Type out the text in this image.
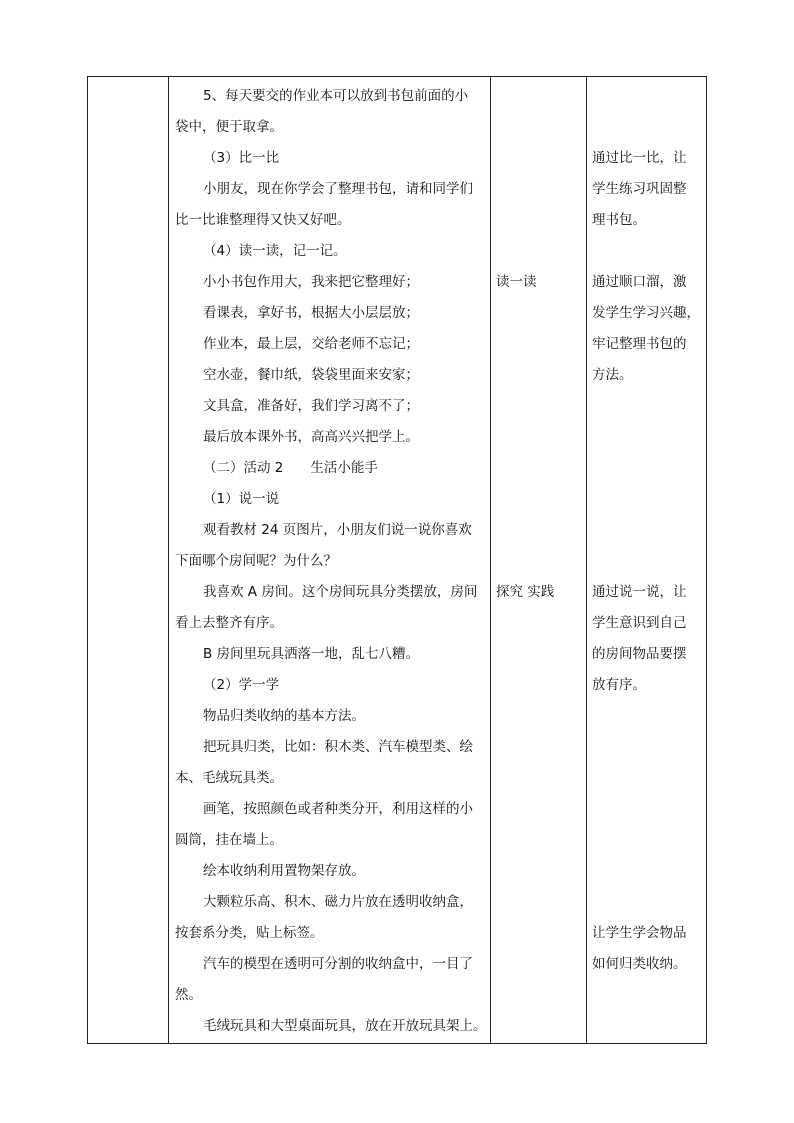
5、每天要交的作业本可以放到书包前面的小

袋中，便于取拿。

（3）比一比

小朋友，现在你学会了整理书包，请和同学们

比一比谁整理得又快又好吧。

（4）读一读，记一记。

小小书包作用大，我来把它整理好；

看课表，拿好书，根据大小层层放；

作业本，最上层，交给老师不忘记；

空水壶，餐巾纸，袋袋里面来安家；

文具盒，准备好，我们学习离不了；

最后放本课外书，高高兴兴把学上。

（二）活动 2　　生活小能手

（1）说一说

观看教材 24 页图片，小朋友们说一说你喜欢

下面哪个房间呢？为什么？

我喜欢 A 房间。这个房间玩具分类摆放，房间

看上去整齐有序。

B 房间里玩具洒落一地，乱七八糟。

（2）学一学

物品归类收纳的基本方法。

把玩具归类，比如：积木类、汽车模型类、绘

本、毛绒玩具类。

画笔，按照颜色或者种类分开，利用这样的小

圆筒，挂在墙上。

绘本收纳利用置物架存放。

大颗粒乐高、积木、磁力片放在透明收纳盒，

按套系分类，贴上标签。

汽车的模型在透明可分割的收纳盒中，一目了

然。

毛绒玩具和大型桌面玩具，放在开放玩具架上。

读一读

探究 实践

通过比一比，让

学生练习巩固整

理书包。

通过顺口溜，激

发学生学习兴趣，

牢记整理书包的

方法。

通过说一说，让

学生意识到自己

的房间物品要摆

放有序。

让学生学会物品

如何归类收纳。
